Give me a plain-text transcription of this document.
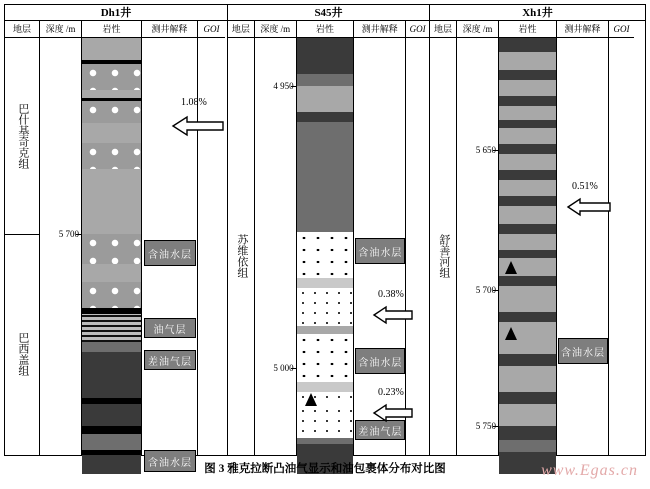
Dh1井
地层
巴什基奇克组
巴西盖组
深度 /m
5 700
岩性	测井解释
含油水层
油气层
差油气层
含油水层
GOI
1.08%
S45井
地层
苏维依组
深度 /m
4 950
5 000
岩性	测井解释
含油水层
含油水层
差油气层
GOI
0.38%
0.23%
Xh1井
地层
舒善河组
深度 /m
5 650
5 700
5 750
岩性	测井解释
含油水层
GOI
0.51%
图 3 雅克拉断凸油气显示和油包裹体分布对比图	www.Egas.cn
